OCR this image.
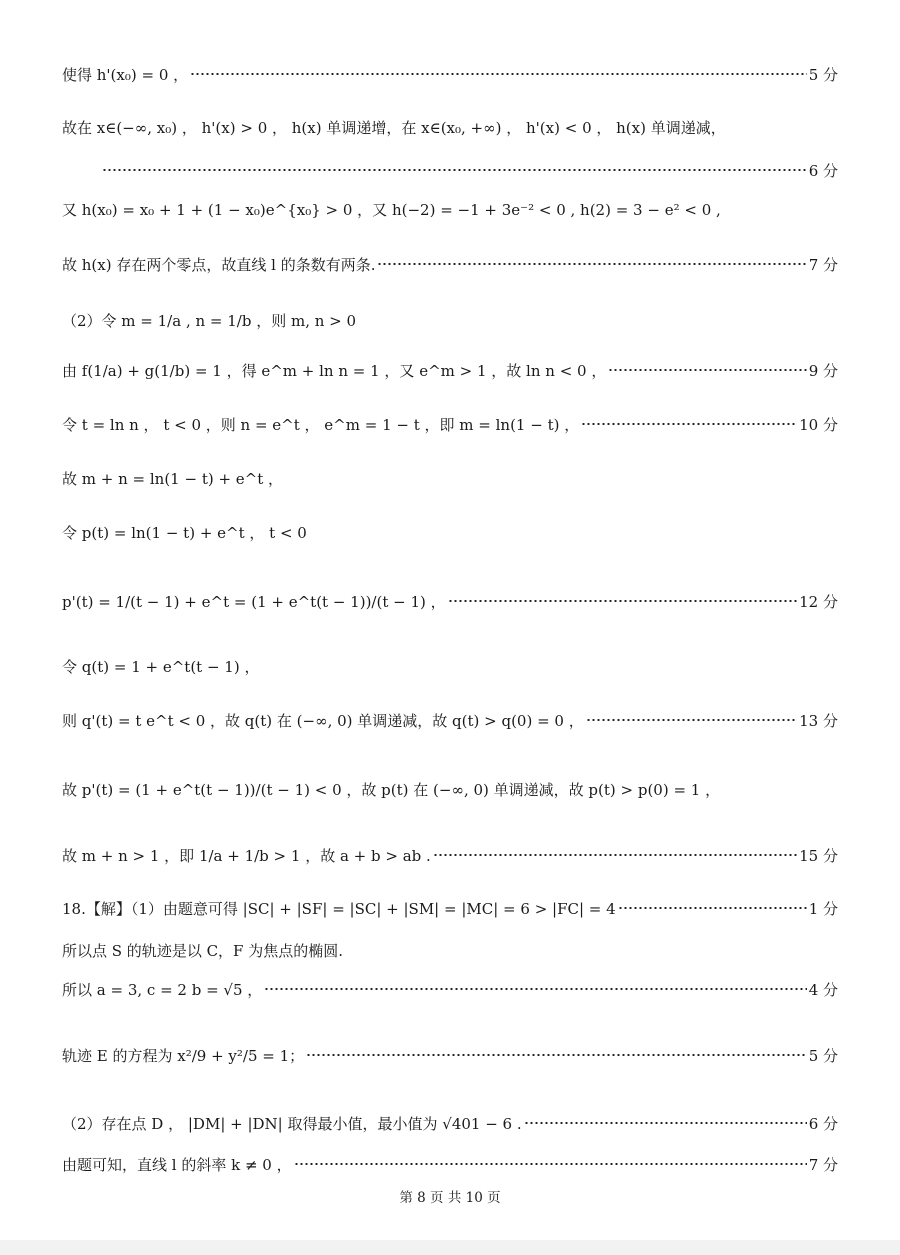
使得 h'(x₀) = 0 ，	5 分
故在 x∈(−∞, x₀) ， h'(x) > 0 ， h(x) 单调递增，在 x∈(x₀, +∞) ， h'(x) < 0 ， h(x) 单调递减，
6 分
又 h(x₀) = x₀ + 1 + (1 − x₀)e^{x₀} > 0 ，又 h(−2) = −1 + 3e⁻² < 0 , h(2) = 3 − e² < 0 ,
故 h(x) 存在两个零点，故直线 l 的条数有两条.	7 分
（2）令 m = 1/a , n = 1/b ，则 m, n > 0
由 f(1/a) + g(1/b) = 1 ，得 e^m + ln n = 1 ，又 e^m > 1 ，故 ln n < 0 ，	9 分
令 t = ln n ， t < 0 ，则 n = e^t ， e^m = 1 − t ，即 m = ln(1 − t) ，	10 分
故 m + n = ln(1 − t) + e^t ，
令 p(t) = ln(1 − t) + e^t ， t < 0
p'(t) = 1/(t − 1) + e^t = (1 + e^t(t − 1))/(t − 1) ，	12 分
令 q(t) = 1 + e^t(t − 1) ，
则 q'(t) = t e^t < 0 ，故 q(t) 在 (−∞, 0) 单调递减，故 q(t) > q(0) = 0 ，	13 分
故 p'(t) = (1 + e^t(t − 1))/(t − 1) < 0 ，故 p(t) 在 (−∞, 0) 单调递减，故 p(t) > p(0) = 1 ，
故 m + n > 1 ，即 1/a + 1/b > 1 ，故 a + b > ab .	15 分
18.【解】（1）由题意可得 |SC| + |SF| = |SC| + |SM| = |MC| = 6 > |FC| = 4	1 分
所以点 S 的轨迹是以 C，F 为焦点的椭圆.
所以 a = 3, c = 2 b = √5 ，	4 分
轨迹 E 的方程为 x²/9 + y²/5 = 1；	5 分
（2）存在点 D ， |DM| + |DN| 取得最小值，最小值为 √401 − 6 .	6 分
由题可知，直线 l 的斜率 k ≠ 0 ，	7 分
第 8 页 共 10 页
